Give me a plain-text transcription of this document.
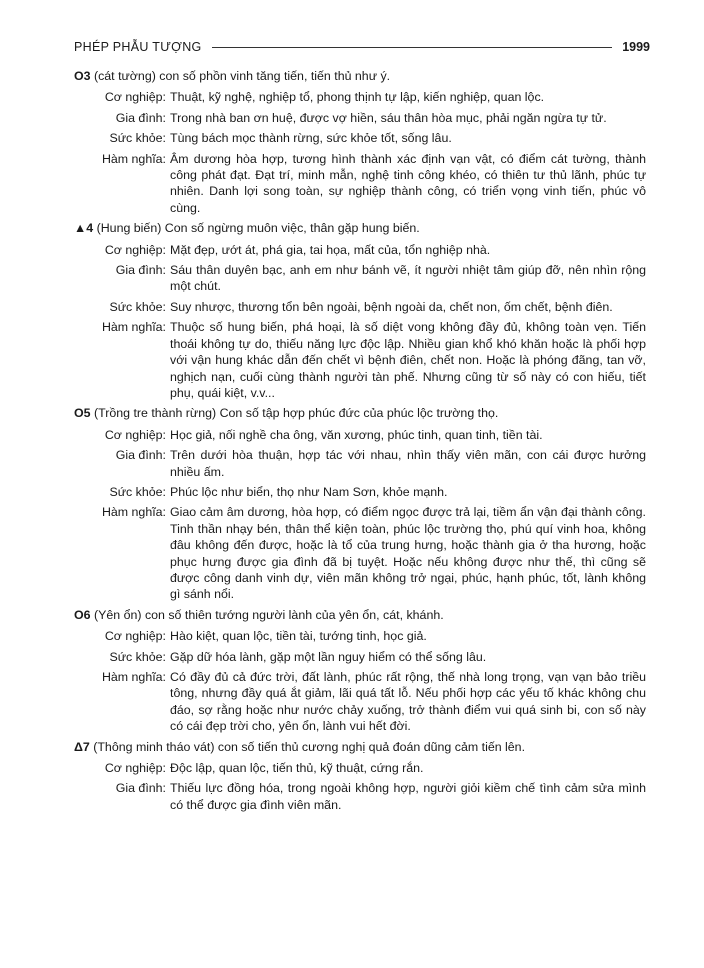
PHÉP PHẪU TƯỢNG	1999
O3 (cát tường) con số phồn vinh tăng tiến, tiến thủ như ý.
Cơ nghiệp: Thuật, kỹ nghệ, nghiệp tổ, phong thịnh tự lập, kiến nghiệp, quan lộc.
Gia đình: Trong nhà ban ơn huệ, được vợ hiền, sáu thân hòa mục, phải ngăn ngừa tự tử.
Sức khỏe: Tùng bách mọc thành rừng, sức khỏe tốt, sống lâu.
Hàm nghĩa: Âm dương hòa hợp, tương hình thành xác định vạn vật, có điểm cát tường, thành công phát đạt. Đạt trí, minh mẫn, nghệ tinh công khéo, có thiên tư thủ lãnh, phúc tự nhiên. Danh lợi song toàn, sự nghiệp thành công, có triển vọng vinh tiến, phúc vô cùng.
▲4 (Hung biến) Con số ngừng muôn việc, thân gặp hung biến.
Cơ nghiệp: Mặt đẹp, ướt át, phá gia, tai họa, mất của, tổn nghiệp nhà.
Gia đình: Sáu thân duyên bạc, anh em như bánh vẽ, ít người nhiệt tâm giúp đỡ, nên nhìn rộng một chút.
Sức khỏe: Suy nhược, thương tổn bên ngoài, bệnh ngoài da, chết non, ốm chết, bệnh điên.
Hàm nghĩa: Thuộc số hung biến, phá hoại, là số diệt vong không đầy đủ, không toàn vẹn. Tiến thoái không tự do, thiếu năng lực độc lập. Nhiều gian khổ khó khăn hoặc là phối hợp với vận hung khác dẫn đến chết vì bệnh điên, chết non. Hoặc là phóng đãng, tan vỡ, nghịch nạn, cuối cùng thành người tàn phế. Nhưng cũng từ số này có con hiếu, tiết phụ, quái kiệt, v.v...
O5 (Trồng tre thành rừng) Con số tập hợp phúc đức của phúc lộc trường thọ.
Cơ nghiệp: Học giả, nối nghề cha ông, văn xương, phúc tinh, quan tinh, tiền tài.
Gia đình: Trên dưới hòa thuận, hợp tác với nhau, nhìn thấy viên mãn, con cái được hưởng nhiều ấm.
Sức khỏe: Phúc lộc như biển, thọ như Nam Sơn, khỏe mạnh.
Hàm nghĩa: Giao cảm âm dương, hòa hợp, có điểm ngọc được trả lại, tiềm ẩn vận đại thành công. Tinh thần nhạy bén, thân thể kiện toàn, phúc lộc trường thọ, phú quí vinh hoa, không đâu không đến được, hoặc là tổ của trung hưng, hoặc thành gia ở tha hương, hoặc phục hưng được gia đình đã bị tuyệt. Hoặc nếu không được như thế, thì cũng sẽ được công danh vinh dự, viên mãn không trở ngại, phúc, hạnh phúc, tốt, lành không gì sánh nổi.
O6 (Yên ổn) con số thiên tướng người lành của yên ổn, cát, khánh.
Cơ nghiệp: Hào kiệt, quan lộc, tiền tài, tướng tinh, học giả.
Sức khỏe: Gặp dữ hóa lành, gặp một lần nguy hiểm có thể sống lâu.
Hàm nghĩa: Có đầy đủ cả đức trời, đất lành, phúc rất rộng, thế nhà long trọng, vạn vạn bảo triều tông, nhưng đầy quá ắt giảm, lãi quá tất lỗ. Nếu phối hợp các yếu tố khác không chu đáo, sợ rằng hoặc như nước chảy xuống, trở thành điểm vui quá sinh bi, con số này có cái đẹp trời cho, yên ổn, lành vui hết đời.
Δ7 (Thông minh tháo vát) con số tiến thủ cương nghị quả đoán dũng cảm tiến lên.
Cơ nghiệp: Độc lập, quan lộc, tiến thủ, kỹ thuật, cứng rắn.
Gia đình: Thiếu lực đồng hóa, trong ngoài không hợp, người giỏi kiềm chế tình cảm sửa mình có thể được gia đình viên mãn.
